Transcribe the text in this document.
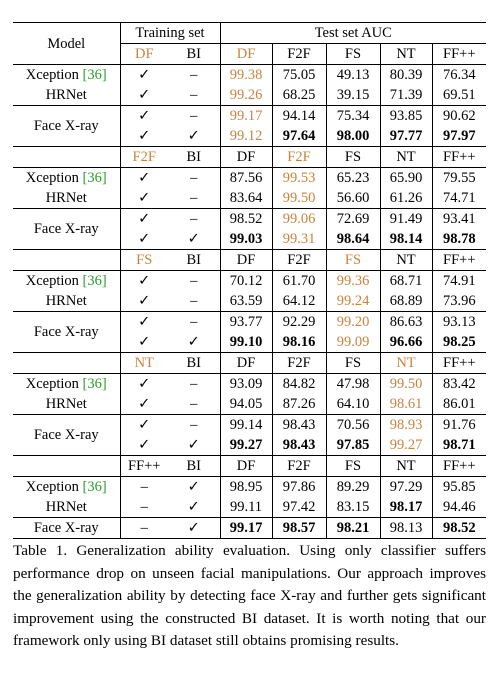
Model	Training set		Test set AUC				
	DF	BI	DF	F2F	FS	NT	FF++
Xception [36]	✓	–	99.38	75.05	49.13	80.39	76.34
HRNet	✓	–	99.26	68.25	39.15	71.39	69.51
Face X-ray	✓	–	99.17	94.14	75.34	93.85	90.62
	✓	✓	99.12	97.64	98.00	97.77	97.97
	F2F	BI	DF	F2F	FS	NT	FF++
Xception [36]	✓	–	87.56	99.53	65.23	65.90	79.55
HRNet	✓	–	83.64	99.50	56.60	61.26	74.71
Face X-ray	✓	–	98.52	99.06	72.69	91.49	93.41
	✓	✓	99.03	99.31	98.64	98.14	98.78
	FS	BI	DF	F2F	FS	NT	FF++
Xception [36]	✓	–	70.12	61.70	99.36	68.71	74.91
HRNet	✓	–	63.59	64.12	99.24	68.89	73.96
Face X-ray	✓	–	93.77	92.29	99.20	86.63	93.13
	✓	✓	99.10	98.16	99.09	96.66	98.25
	NT	BI	DF	F2F	FS	NT	FF++
Xception [36]	✓	–	93.09	84.82	47.98	99.50	83.42
HRNet	✓	–	94.05	87.26	64.10	98.61	86.01
Face X-ray	✓	–	99.14	98.43	70.56	98.93	91.76
	✓	✓	99.27	98.43	97.85	99.27	98.71
	FF++	BI	DF	F2F	FS	NT	FF++
Xception [36]	–	✓	98.95	97.86	89.29	97.29	95.85
HRNet	–	✓	99.11	97.42	83.15	98.17	94.46
Face X-ray	–	✓	99.17	98.57	98.21	98.13	98.52
Table 1. Generalization ability evaluation. Using only classifier suffers performance drop on unseen facial manipulations. Our approach improves the generalization ability by detecting face X-ray and further gets significant improvement using the constructed BI dataset. It is worth noting that our framework only using BI dataset still obtains promising results.
